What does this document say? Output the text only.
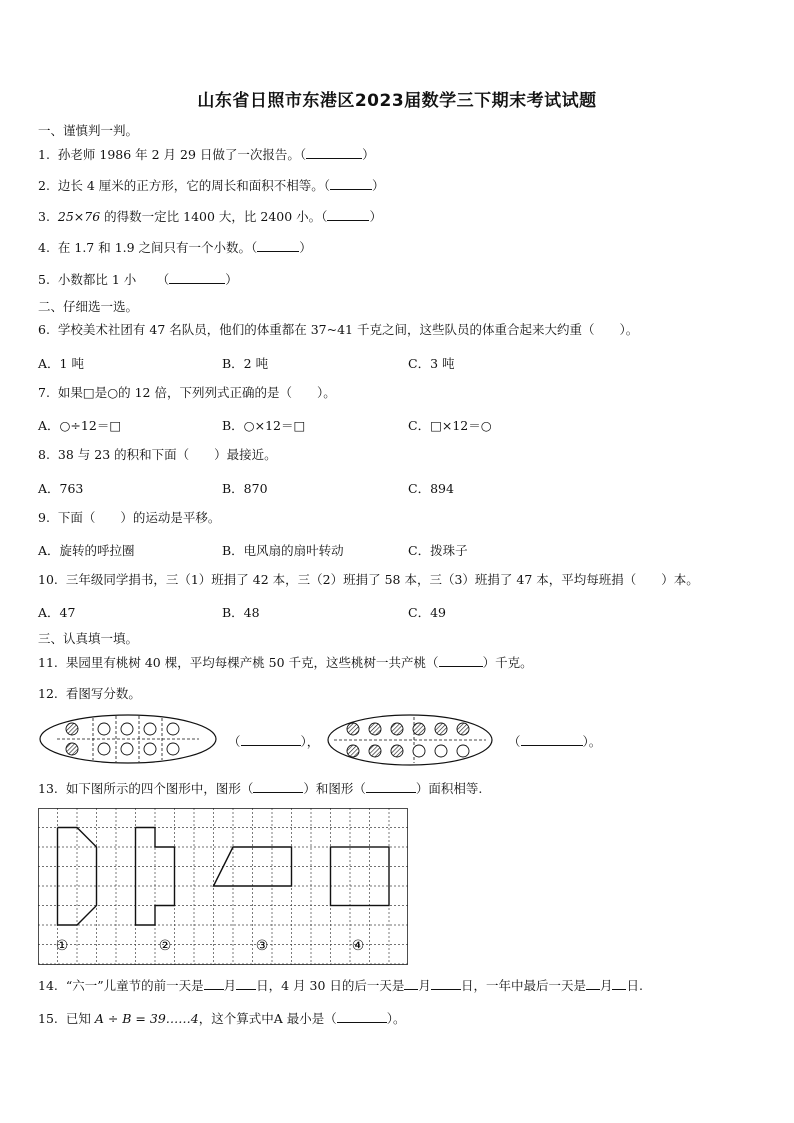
山东省日照市东港区2023届数学三下期末考试试题
一、谨慎判一判。
1. 孙老师 1986 年 2 月 29 日做了一次报告。（	）
2. 边长 4 厘米的正方形，它的周长和面积不相等。（	）
3. 25×76 的得数一定比 1400 大，比 2400 小。（	）
4. 在 1.7 和 1.9 之间只有一个小数。（	）
5. 小数都比 1 小 　 （	）
二、仔细选一选。
6. 学校美术社团有 47 名队员，他们的体重都在 37~41 千克之间，这些队员的体重合起来大约重（　　）。
A．1 吨	B．2 吨	C．3 吨
7. 如果□是○的 12 倍，下列列式正确的是（　　）。
A．○÷12＝□	B．○×12＝□	C．□×12＝○
8. 38 与 23 的积和下面（　　）最接近。
A．763	B．870	C．894
9. 下面（　　）的运动是平移。
A．旋转的呼拉圈	B．电风扇的扇叶转动	C．拨珠子
10. 三年级同学捐书，三（1）班捐了 42 本，三（2）班捐了 58 本，三（3）班捐了 47 本，平均每班捐（　　）本。
A．47	B．48	C．49
三、认真填一填。
11. 果园里有桃树 40 棵，平均每棵产桃 50 千克，这些桃树一共产桃（	）千克。
12. 看图写分数。
（	），	（	）。
13. 如下图所示的四个图形中，图形（	）和图形（	）面积相等.
①	②	③	④
14. “六一”儿童节的前一天是 月 日，4 月 30 日的后一天是 月 日，一年中最后一天是 月 日.
15. 已知 A ÷ B = 39……4，这个算式中A 最小是（	）。
